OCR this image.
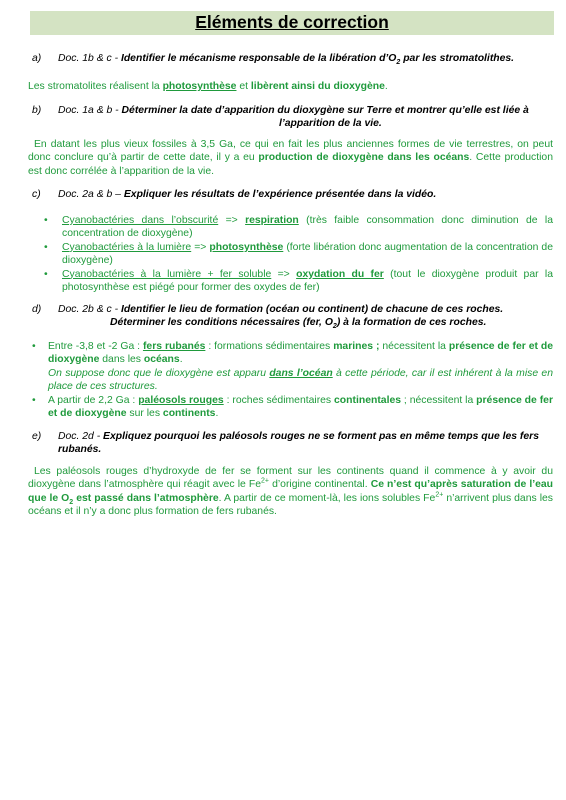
Eléments de correction
a) Doc. 1b & c - Identifier le mécanisme responsable de la libération $d’O_2$ par les stromatolithes.
Les stromatolites réalisent la photosynthèse et libèrent ainsi du dioxygène.
b) Doc. 1a & b - Déterminer la date d’apparition du dioxygène sur Terre et montrer qu’elle est liée à
l’apparition de la vie.
En datant les plus vieux fossiles à 3,5 Ga, ce qui en fait les plus anciennes formes de vie terrestres, on peut donc conclure qu’à partir de cette date, il y a eu production de dioxygène dans les océans. Cette production est donc corrélée à l’apparition de la vie.
c) Doc. 2a & b – Expliquer les résultats de l’expérience présentée dans la vidéo.
• Cyanobactéries dans l’obscurité => respiration (très faible consommation donc diminution de la concentration de dioxygène)
• Cyanobactéries à la lumière => photosynthèse (forte libération donc augmentation de la concentration de dioxygène)
• Cyanobactéries à la lumière + fer soluble => oxydation du fer (tout le dioxygène produit par la photosynthèse est piégé pour former des oxydes de fer)
d) Doc. 2b & c - Identifier le lieu de formation (océan ou continent) de chacune de ces roches.
Déterminer les conditions nécessaires (fer, $O_2$) à la formation de ces roches.
• Entre -3,8 et -2 Ga : fers rubanés : formations sédimentaires marines ; nécessitent la présence de fer et de dioxygène dans les océans.
On suppose donc que le dioxygène est apparu dans l’océan à cette période, car il est inhérent à la mise en place de ces structures.
• A partir de 2,2 Ga : paléosols rouges : roches sédimentaires continentales ; nécessitent la présence de fer et de dioxygène sur les continents.
e) Doc. 2d - Expliquez pourquoi les paléosols rouges ne se forment pas en même temps que les fers
rubanés.
Les paléosols rouges d’hydroxyde de fer se forment sur les continents quand il commence à y avoir du dioxygène dans l’atmosphère qui réagit avec le $Fe^{2+}$ d’origine continental. Ce n’est qu’après saturation de l’eau que le $O_2$ est passé dans l’atmosphère. A partir de ce moment-là, les ions solubles $Fe^{2+}$ n’arrivent plus dans les océans et il n’y a donc plus formation de fers rubanés.
